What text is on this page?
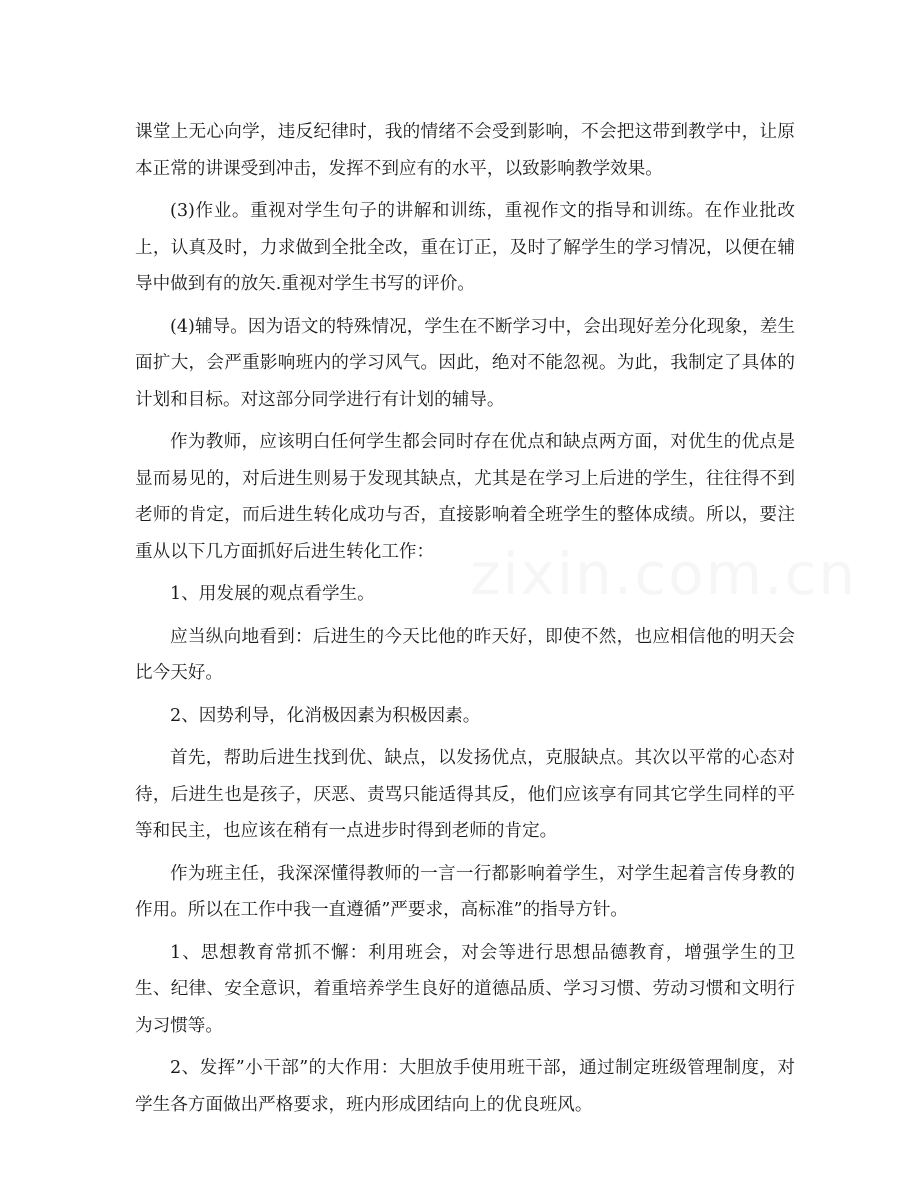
课堂上无心向学，违反纪律时，我的情绪不会受到影响，不会把这带到教学中，让原本正常的讲课受到冲击，发挥不到应有的水平，以致影响教学效果。

(3)作业。重视对学生句子的讲解和训练，重视作文的指导和训练。在作业批改上，认真及时，力求做到全批全改，重在订正，及时了解学生的学习情况，以便在辅导中做到有的放矢.重视对学生书写的评价。

(4)辅导。因为语文的特殊情况，学生在不断学习中，会出现好差分化现象，差生面扩大，会严重影响班内的学习风气。因此，绝对不能忽视。为此，我制定了具体的计划和目标。对这部分同学进行有计划的辅导。

作为教师，应该明白任何学生都会同时存在优点和缺点两方面，对优生的优点是显而易见的，对后进生则易于发现其缺点，尤其是在学习上后进的学生，往往得不到老师的肯定，而后进生转化成功与否，直接影响着全班学生的整体成绩。所以，要注重从以下几方面抓好后进生转化工作：

1、用发展的观点看学生。

应当纵向地看到：后进生的今天比他的昨天好，即使不然，也应相信他的明天会比今天好。

2、因势利导，化消极因素为积极因素。

首先，帮助后进生找到优、缺点，以发扬优点，克服缺点。其次以平常的心态对待，后进生也是孩子，厌恶、责骂只能适得其反，他们应该享有同其它学生同样的平等和民主，也应该在稍有一点进步时得到老师的肯定。

作为班主任，我深深懂得教师的一言一行都影响着学生，对学生起着言传身教的作用。所以在工作中我一直遵循”严要求，高标准”的指导方针。

1、思想教育常抓不懈：利用班会，对会等进行思想品德教育，增强学生的卫生、纪律、安全意识，着重培养学生良好的道德品质、学习习惯、劳动习惯和文明行为习惯等。

2、发挥”小干部”的大作用：大胆放手使用班干部，通过制定班级管理制度，对学生各方面做出严格要求，班内形成团结向上的优良班风。
